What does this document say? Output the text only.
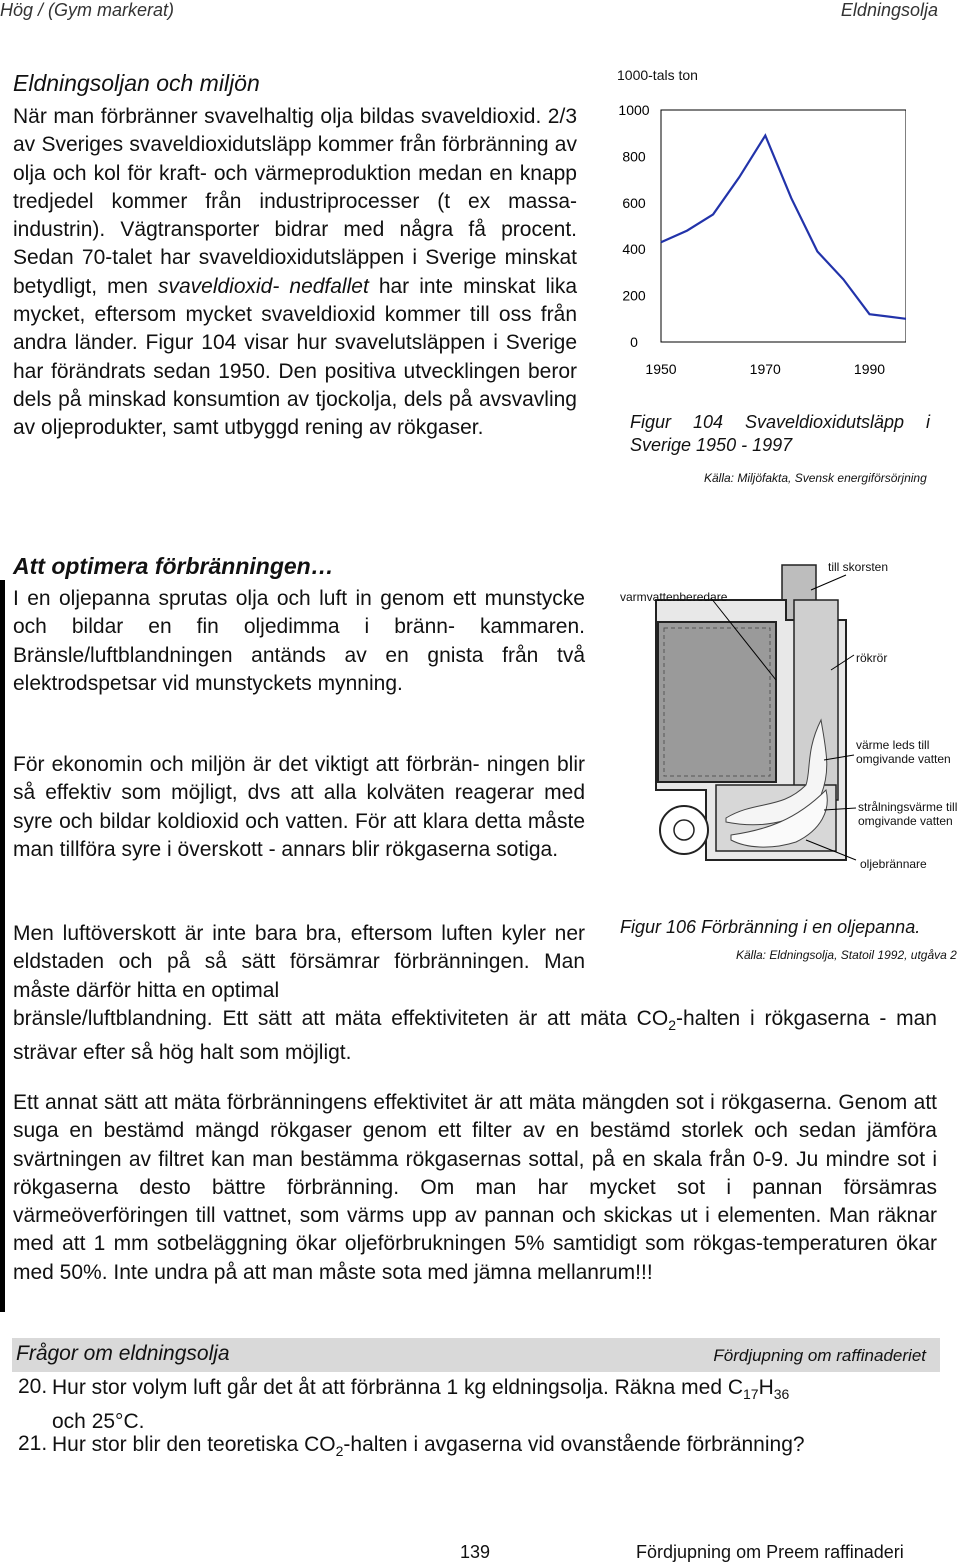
Hög / (Gym markerat)	Eldningsolja
Eldningsoljan och miljön
När man förbränner svavelhaltig olja bildas svaveldioxid. 2/3 av Sveriges svaveldioxidutsläpp kommer från förbränning av olja och kol för kraft- och värmeproduktion medan en knapp tredjedel kommer från industriprocesser (t ex massa- industrin). Vägtransporter bidrar med några få procent. Sedan 70-talet har svaveldioxidutsläppen i Sverige minskat betydligt, men svaveldioxid- nedfallet har inte minskat lika mycket, eftersom mycket svaveldioxid kommer till oss från andra länder. Figur 104 visar hur svavelutsläppen i Sverige har förändrats sedan 1950. Den positiva utvecklingen beror dels på minskad konsumtion av tjockolja, dels på avsvavling av oljeprodukter, samt utbyggd rening av rökgaser.
1000-tals ton
0
200
400
600
800
1000
1950	1970	1990
Figur 104 Svaveldioxidutsläpp i Sverige 1950 - 1997
Källa: Miljöfakta, Svensk energiförsörjning
Att optimera förbränningen…
I en oljepanna sprutas olja och luft in genom ett munstycke och bildar en fin oljedimma i bränn- kammaren. Bränsle/luftblandningen antänds av en gnista från två elektrodspetsar vid munstyckets mynning.
För ekonomin och miljön är det viktigt att förbrän- ningen blir så effektiv som möjligt, dvs att alla kolväten reagerar med syre och bildar koldioxid och vatten. För att klara detta måste man tillföra syre i överskott - annars blir rökgaserna sotiga.
Men luftöverskott är inte bara bra, eftersom luften kyler ner eldstaden och på så sätt försämrar förbränningen. Man måste därför hitta en optimal
bränsle/luftblandning. Ett sätt att mäta effektiviteten är att mäta $CO_2$-halten i rökgaserna - man strävar efter så hög halt som möjligt.
Ett annat sätt att mäta förbränningens effektivitet är att mäta mängden sot i rökgaserna. Genom att suga en bestämd mängd rökgaser genom ett filter av en bestämd storlek och sedan jämföra svärtningen av filtret kan man bestämma rökgasernas sottal, på en skala från 0-9. Ju mindre sot i rökgaserna desto bättre förbränning. Om man har mycket sot i pannan försämras värmeöverföringen till vattnet, som värms upp av pannan och skickas ut i elementen. Man räknar med att 1 mm sotbeläggning ökar oljeförbrukningen 5% samtidigt som rökgas-temperaturen ökar med 50%. Inte undra på att man måste sota med jämna mellanrum!!!
till skorsten
varmvattenberedare
rökrör
värme leds till omgivande vatten
strålningsvärme till omgivande vatten
oljebrännare
Figur 106 Förbränning i en oljepanna.
Källa: Eldningsolja, Statoil 1992, utgåva 2
Frågor om eldningsolja	Fördjupning om raffinaderiet
20. Hur stor volym luft går det åt att förbränna 1 kg eldningsolja. Räkna med $C_{17}H_{36}$
och 25°C.
21. Hur stor blir den teoretiska $CO_2$-halten i avgaserna vid ovanstående förbränning?
139	Fördjupning om Preem raffinaderi
